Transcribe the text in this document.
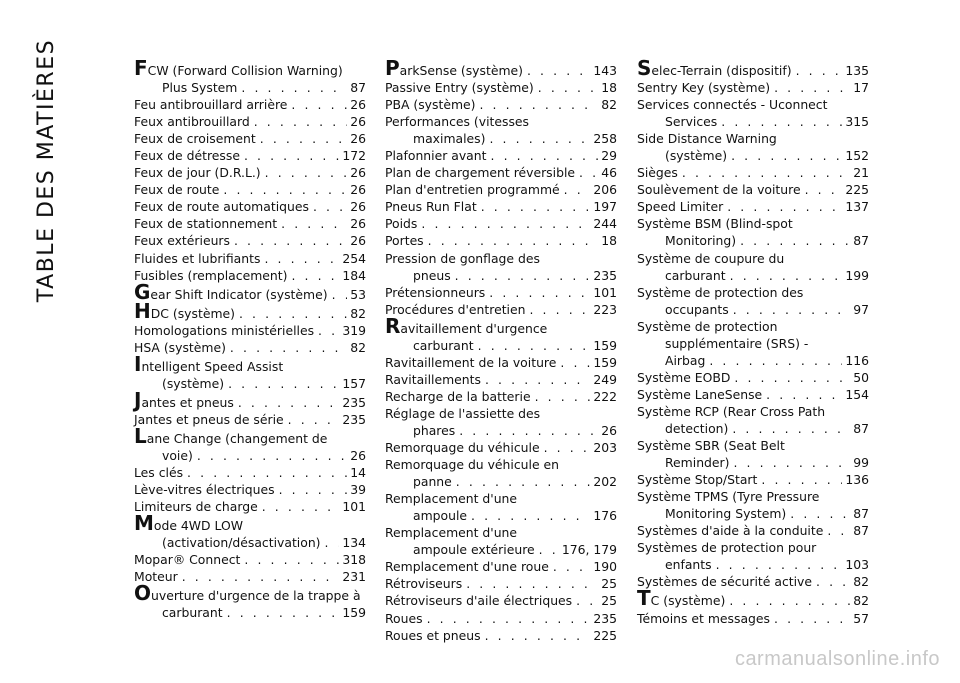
TABLE DES MATIÈRES	FCW (Forward Collision Warning)
Plus System . . .	87
Feu antibrouillard arrière . . .	26
Feux antibrouillard . . .	26
Feux de croisement . . .	26
Feux de détresse . . .	172
Feux de jour (D.R.L.) . . .	26
Feux de route . . .	26
Feux de route automatiques . . .	26
Feux de stationnement . . .	26
Feux extérieurs . . .	26
Fluides et lubrifiants . . .	254
Fusibles (remplacement) . . .	184
Gear Shift Indicator (système) . . . 53
HDC (système) . . .	82
Homologations ministérielles . . . 319
HSA (système) . . .	82
Intelligent Speed Assist
(système) . . .	157
Jantes et pneus . . .	235
Jantes et pneus de série . . .	235
Lane Change (changement de
voie) . . .	26
Les clés . . .	14
Lève-vitres électriques . . .	39
Limiteurs de charge . . .	101
Mode 4WD LOW
(activation/désactivation) . . . 134
Mopar® Connect . . .	318
Moteur . . .	231
Ouverture d'urgence de la trappe à
carburant . . .	159
ParkSense (système) . . .	143
Passive Entry (système) . . .	18
PBA (système) . . .	82
Performances (vitesses
maximales) . . .	258
Plafonnier avant . . .	29
Plan de chargement réversible . . . 46
Plan d'entretien programmé . . .	206
Pneus Run Flat . . .	197
Poids . . .	244
Portes . . .	18
Pression de gonflage des
pneus . . .	235
Prétensionneurs . . .	101
Procédures d'entretien . . .	223
Ravitaillement d'urgence
carburant . . .	159
Ravitaillement de la voiture . . .	159
Ravitaillements . . .	249
Recharge de la batterie . . .	222
Réglage de l'assiette des
phares . . .	26
Remorquage du véhicule . . .	203
Remorquage du véhicule en
panne . . .	202
Remplacement d'une
ampoule . . .	176
Remplacement d'une
ampoule extérieure . . . 176, 179
Remplacement d'une roue . . .	190
Rétroviseurs . . .	25
Rétroviseurs d'aile électriques . . . 25
Roues . . .	235
Roues et pneus . . .	225
Selec-Terrain (dispositif) . . .	135
Sentry Key (système) . . .	17
Services connectés - Uconnect
Services . . .	315
Side Distance Warning
(système) . . .	152
Sièges . . .	21
Soulèvement de la voiture . . .	225
Speed Limiter . . .	137
Système BSM (Blind-spot
Monitoring) . . .	87
Système de coupure du
carburant . . .	199
Système de protection des
occupants . . .	97
Système de protection
supplémentaire (SRS) -
Airbag . . .	116
Système EOBD . . .	50
Système LaneSense . . .	154
Système RCP (Rear Cross Path
detection) . . .	87
Système SBR (Seat Belt
Reminder) . . .	99
Système Stop/Start . . .	136
Système TPMS (Tyre Pressure
Monitoring System) . . .	87
Systèmes d'aide à la conduite . . . 87
Systèmes de protection pour
enfants . . .	103
Systèmes de sécurité active . . .	82
TC (système) . . .	82
Témoins et messages . . .	57
carmanualsonline.info
